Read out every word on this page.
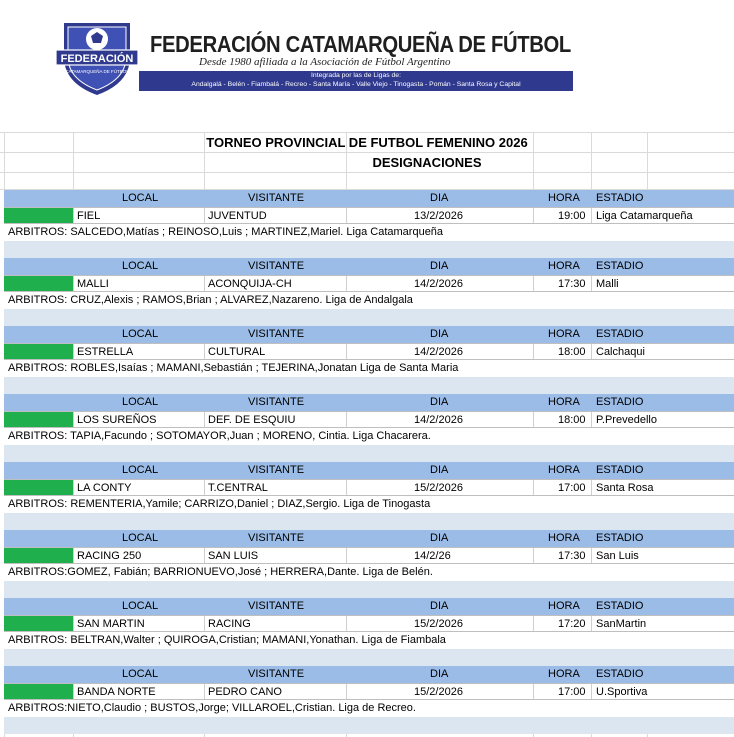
FEDERACIÓN
CATAMARQUEÑA DE FÚTBOL
FEDERACIÓN CATAMARQUEÑA DE FÚTBOL
Desde 1980 afiliada a la Asociación de Fútbol Argentino
Integrada por las de Ligas de:
Andalgalá - Belén - Fiambalá - Recreo - Santa María - Valle Viejo - Tinogasta - Pomán - Santa Rosa y Capital
TORNEO PROVINCIAL DE FUTBOL FEMENINO 2026
DESIGNACIONES
LOCAL	VISITANTE	DIA	HORA ESTADIO
FIEL	JUVENTUD	13/2/2026	19:00 Liga Catamarqueña
ARBITROS: SALCEDO,Matías ; REINOSO,Luis ; MARTINEZ,Mariel. Liga Catamarqueña
LOCAL	VISITANTE	DIA	HORA ESTADIO
MALLI	ACONQUIJA-CH	14/2/2026	17:30 Malli
ARBITROS: CRUZ,Alexis ; RAMOS,Brian ; ALVAREZ,Nazareno. Liga de Andalgala
LOCAL	VISITANTE	DIA	HORA ESTADIO
ESTRELLA	CULTURAL	14/2/2026	18:00 Calchaqui
ARBITROS: ROBLES,Isaías ; MAMANI,Sebastián ; TEJERINA,Jonatan Liga de Santa Maria
LOCAL	VISITANTE	DIA	HORA ESTADIO
LOS SUREÑOS	DEF. DE ESQUIU	14/2/2026	18:00 P.Prevedello
ARBITROS: TAPIA,Facundo ; SOTOMAYOR,Juan ; MORENO, Cintia. Liga Chacarera.
LOCAL	VISITANTE	DIA	HORA ESTADIO
LA CONTY	T.CENTRAL	15/2/2026	17:00 Santa Rosa
ARBITROS: REMENTERIA,Yamile; CARRIZO,Daniel ; DIAZ,Sergio. Liga de Tinogasta
LOCAL	VISITANTE	DIA	HORA ESTADIO
RACING 250	SAN LUIS	14/2/26	17:30 San Luis
ARBITROS:GOMEZ, Fabián; BARRIONUEVO,José ; HERRERA,Dante. Liga de Belén.
LOCAL	VISITANTE	DIA	HORA ESTADIO
SAN MARTIN	RACING	15/2/2026	17:20 SanMartin
ARBITROS: BELTRAN,Walter ; QUIROGA,Cristian; MAMANI,Yonathan. Liga de Fiambala
LOCAL	VISITANTE	DIA	HORA ESTADIO
BANDA NORTE	PEDRO CANO	15/2/2026	17:00 U.Sportiva
ARBITROS:NIETO,Claudio ; BUSTOS,Jorge; VILLAROEL,Cristian. Liga de Recreo.
